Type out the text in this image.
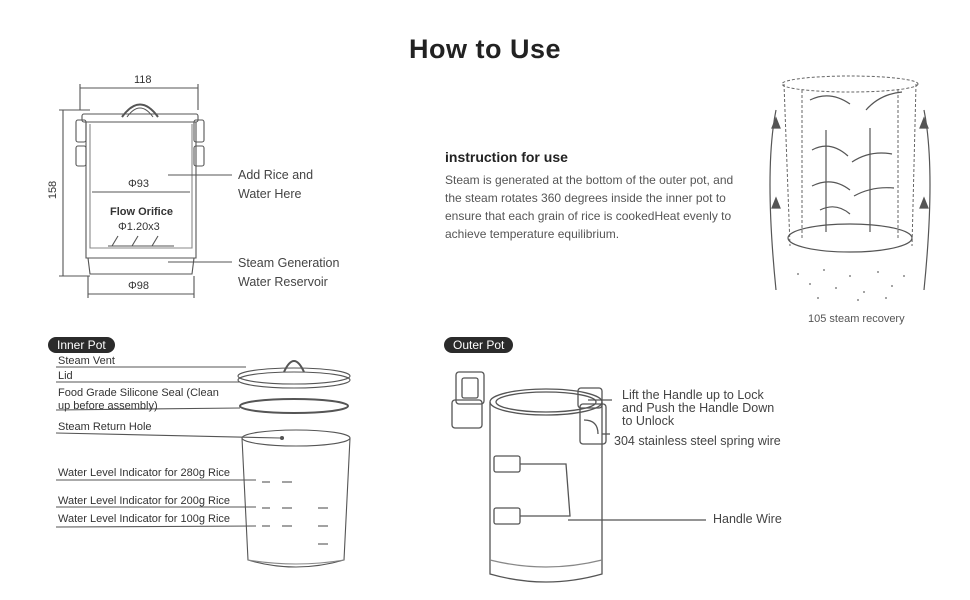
How to Use
118
158	Φ93
Flow Orifice
Φ1.20x3
Φ98
Add Rice and
Water Here
Steam Generation
Water Reservoir
instruction for use
Steam is generated at the bottom of the outer pot, and the steam rotates 360 degrees inside the inner pot to ensure that each grain of rice is cookedHeat evenly to achieve temperature equilibrium.
105 steam recovery
Inner Pot
Steam Vent
Lid
Food Grade Silicone Seal (Clean
up before assembly)
Steam Return Hole
Water Level Indicator for 280g Rice
Water Level Indicator for 200g Rice
Water Level Indicator for 100g Rice
Outer Pot
Lift the Handle up to Lock
and Push the Handle Down
to Unlock
304 stainless steel spring wire
Handle Wire
